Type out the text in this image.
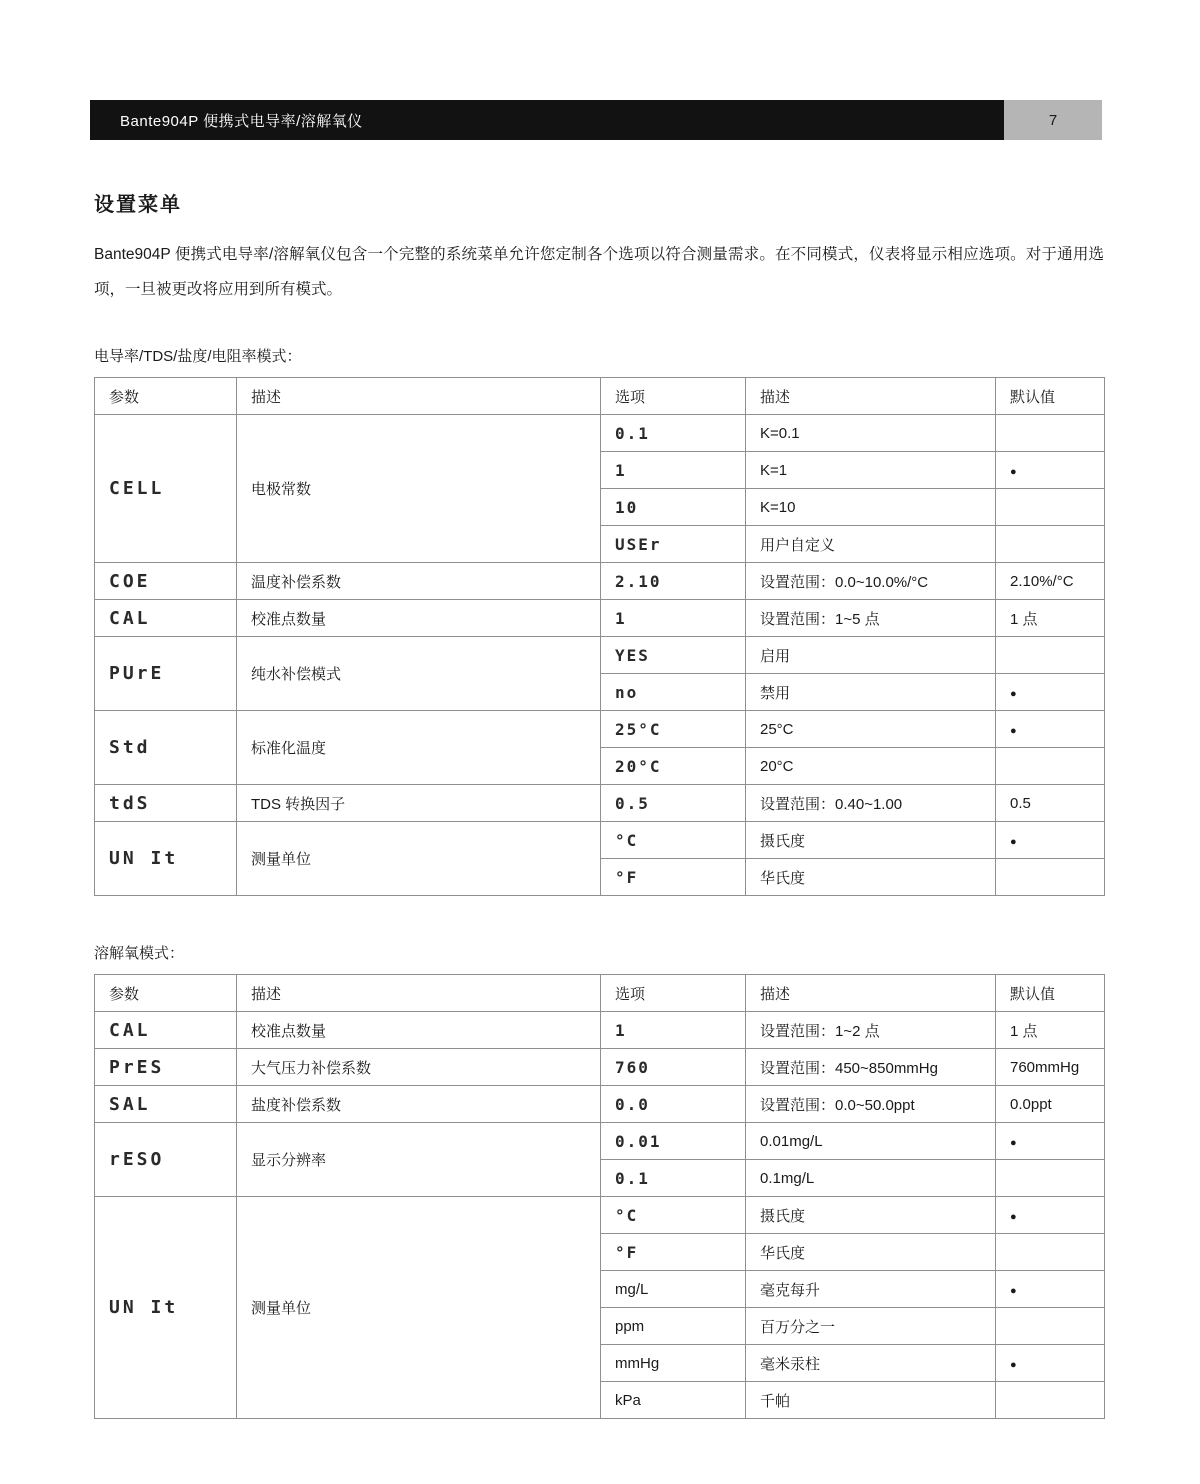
Bante904P 便携式电导率/溶解氧仪	7
设置菜单

Bante904P 便携式电导率/溶解氧仪包含一个完整的系统菜单允许您定制各个选项以符合测量需求。在不同模式，仪表将显示相应选项。对于通用选项，一旦被更改将应用到所有模式。

电导率/TDS/盐度/电阻率模式：
参数	描述	选项	描述	默认值
CELL	电极常数	0.1	K=0.1	
		1	K=1	●
		10	K=10	
		USEr	用户自定义	
COE	温度补偿系数	2.10	设置范围：0.0~10.0%/°C	2.10%/°C
CAL	校准点数量	1	设置范围：1~5 点	1 点
PUrE	纯水补偿模式	YES	启用	
		no	禁用	●
Std	标准化温度	25°C	25°C	●
		20°C	20°C	
tdS	TDS 转换因子	0.5	设置范围：0.40~1.00	0.5
UN It	测量单位	°C	摄氏度	●
		°F	华氏度	
溶解氧模式：
参数	描述	选项	描述	默认值
CAL	校准点数量	1	设置范围：1~2 点	1 点
PrES	大气压力补偿系数	760	设置范围：450~850mmHg	760mmHg
SAL	盐度补偿系数	0.0	设置范围：0.0~50.0ppt	0.0ppt
rESO	显示分辨率	0.01	0.01mg/L	●
		0.1	0.1mg/L	
UN It	测量单位	°C	摄氏度	●
		°F	华氏度	
		mg/L	毫克每升	●
		ppm	百万分之一	
		mmHg	毫米汞柱	●
		kPa	千帕	
